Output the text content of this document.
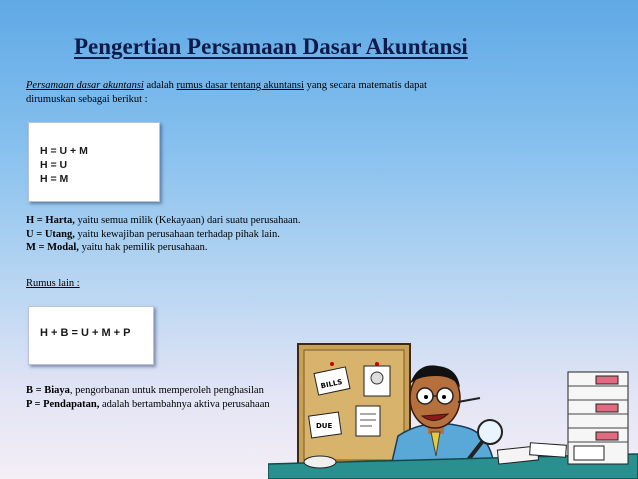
Pengertian Persamaan Dasar Akuntansi
Persamaan dasar akuntansi adalah rumus dasar tentang akuntansi yang secara matematis dapat
dirumuskan sebagai berikut :
H = U + M
H = U
H = M
H = Harta, yaitu semua milik (Kekayaan) dari suatu perusahaan.
U = Utang, yaitu kewajiban perusahaan terhadap pihak lain.
M = Modal, yaitu hak pemilik perusahaan.
Rumus lain :
H + B = U + M + P
B = Biaya, pengorbanan untuk memperoleh penghasilan
P = Pendapatan, adalah bertambahnya aktiva perusahaan
BILLS
DUE
